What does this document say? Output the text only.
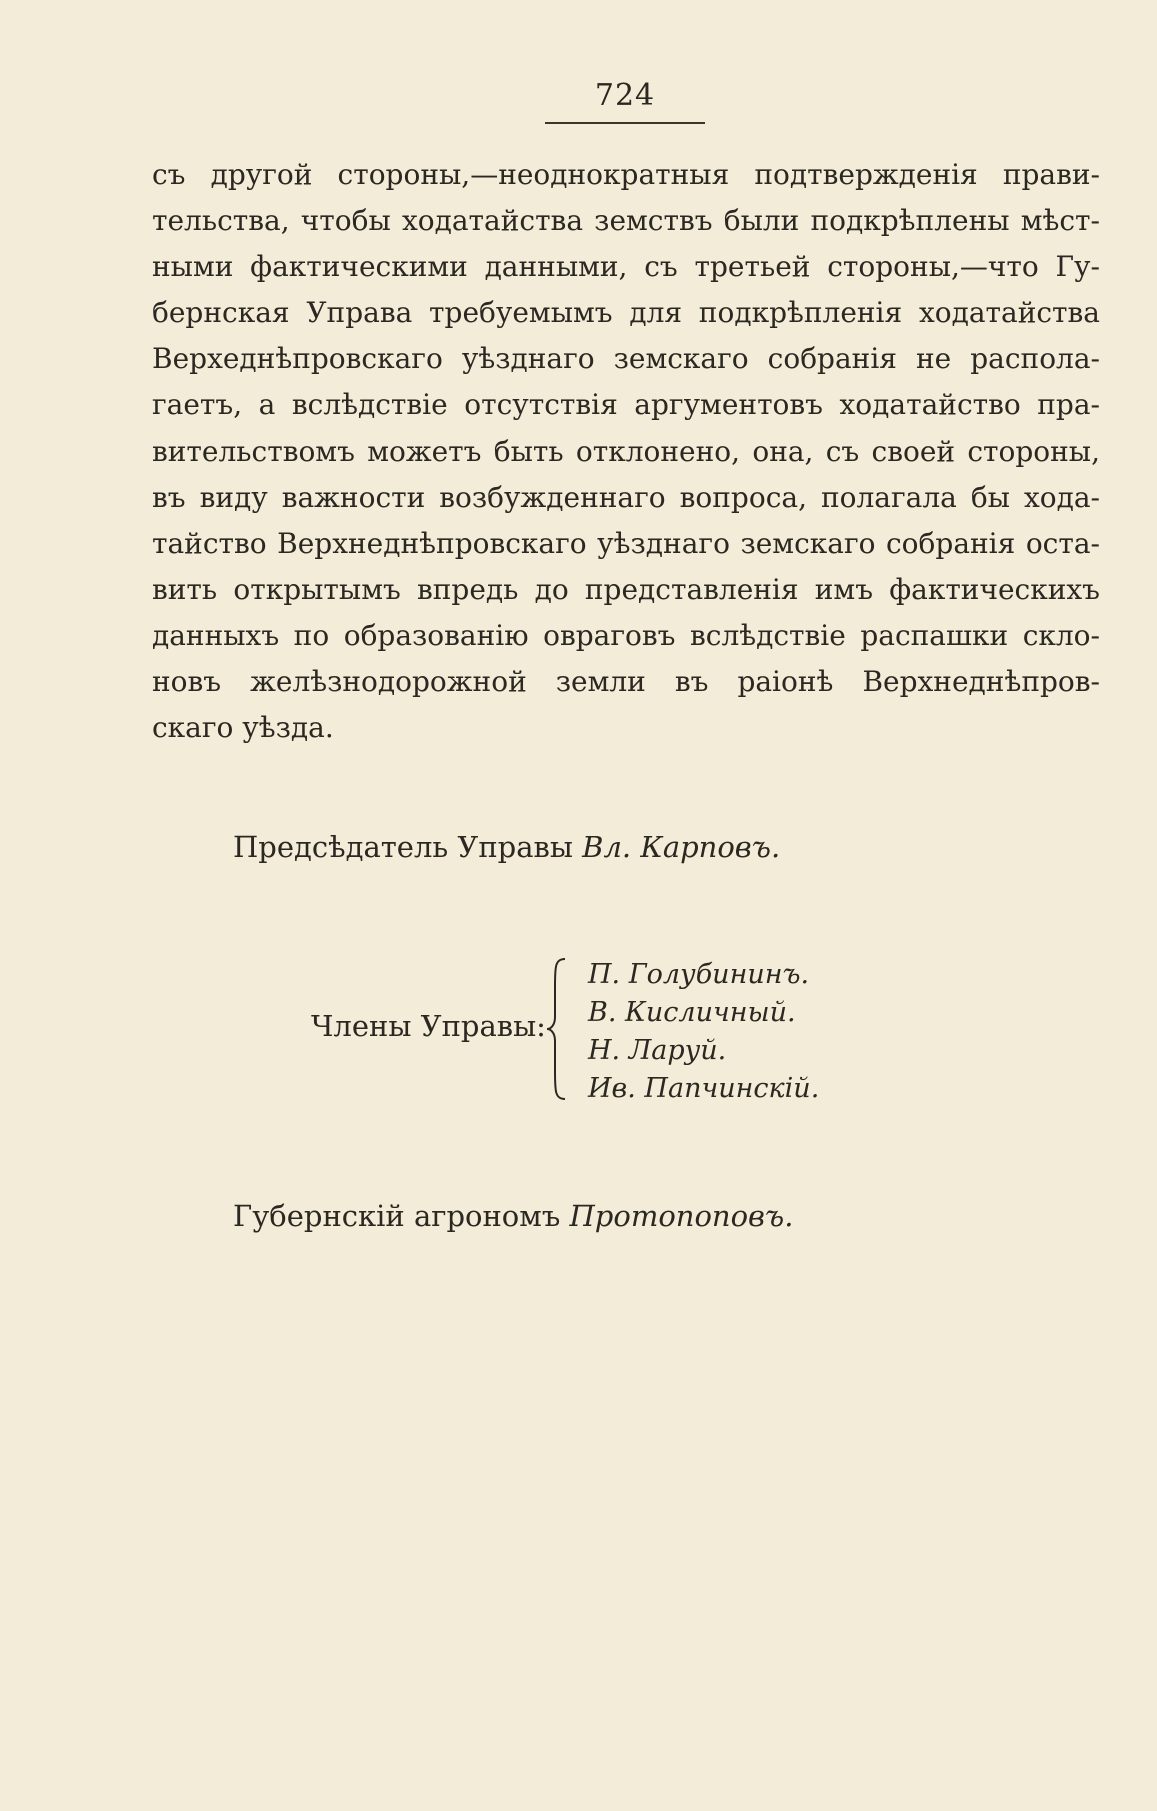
724
съ другой стороны,—неоднократныя подтвержденія прави-
тельства, чтобы ходатайства земствъ были подкрѣплены мѣст-
ными фактическими данными, съ третьей стороны,—что Гу-
бернская Управа требуемымъ для подкрѣпленія ходатайства
Верхеднѣпровскаго уѣзднаго земскаго собранія не распола-
гаетъ, а вслѣдствіе отсутствія аргументовъ ходатайство пра-
вительствомъ можетъ быть отклонено, она, съ своей стороны,
въ виду важности возбужденнаго вопроса, полагала бы хода-
тайство Верхнеднѣпровскаго уѣзднаго земскаго собранія оста-
вить открытымъ впредь до представленія имъ фактическихъ
данныхъ по образованію овраговъ вслѣдствіе распашки скло-
новъ желѣзнодорожной земли въ раіонѣ Верхнеднѣпров-
скаго уѣзда.
Предсѣдатель Управы Вл. Карповъ.
Члены Управы:
П. Голубининъ.
В. Кисличный.
Н. Ларуй.
Ив. Папчинскій.
Губернскій агрономъ Протопоповъ.
